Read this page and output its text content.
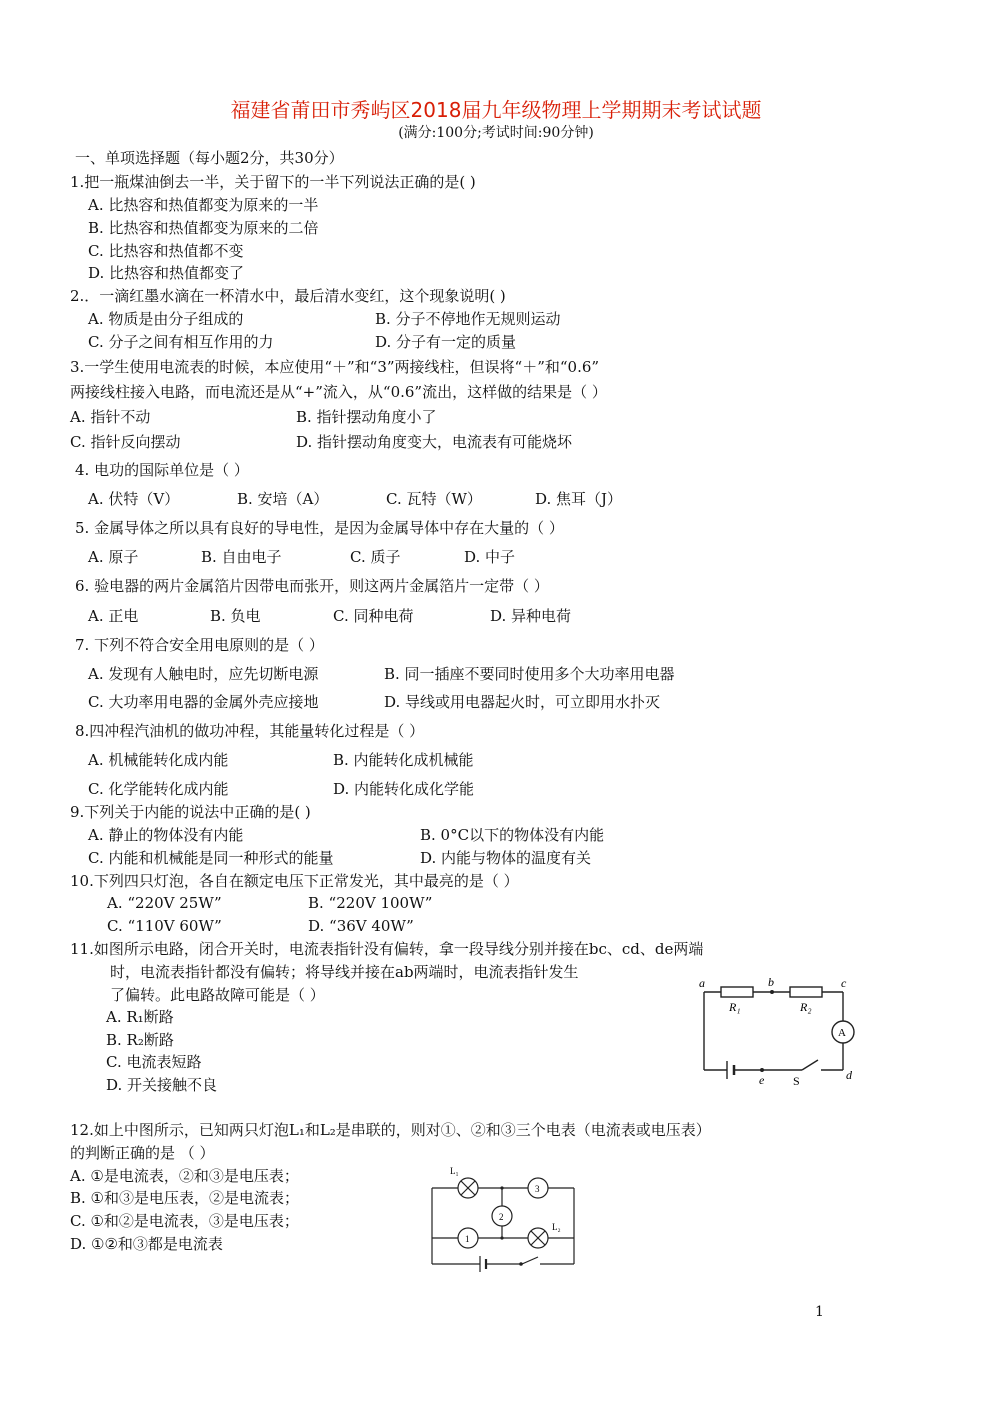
福建省莆田市秀屿区2018届九年级物理上学期期末考试试题
(满分:100分;考试时间:90分钟)
一、单项选择题（每小题2分，共30分）
1.把一瓶煤油倒去一半，关于留下的一半下列说法正确的是( )
A. 比热容和热值都变为原来的一半
B. 比热容和热值都变为原来的二倍
C. 比热容和热值都不变
D. 比热容和热值都变了
2.．一滴红墨水滴在一杯清水中，最后清水变红，这个现象说明( )
A. 物质是由分子组成的	B. 分子不停地作无规则运动
C. 分子之间有相互作用的力	D. 分子有一定的质量
3.一学生使用电流表的时候，本应使用“＋”和“3”两接线柱，但误将“＋”和“0.6”
两接线柱接入电路，而电流还是从“+”流入，从“0.6”流出，这样做的结果是（ ）
A. 指针不动	B. 指针摆动角度小了
C. 指针反向摆动	D. 指针摆动角度变大，电流表有可能烧坏
4. 电功的国际单位是（ ）
A. 伏特（V）	B. 安培（A）	C. 瓦特（W）	D. 焦耳（J）
5. 金属导体之所以具有良好的导电性，是因为金属导体中存在大量的（ ）
A. 原子	B. 自由电子	C. 质子	D. 中子
6. 验电器的两片金属箔片因带电而张开，则这两片金属箔片一定带（ ）
A. 正电	B. 负电	C. 同种电荷	D. 异种电荷
7. 下列不符合安全用电原则的是（ ）
A. 发现有人触电时，应先切断电源	B. 同一插座不要同时使用多个大功率用电器
C. 大功率用电器的金属外壳应接地	D. 导线或用电器起火时，可立即用水扑灭
8.四冲程汽油机的做功冲程，其能量转化过程是（ ）
A. 机械能转化成内能	B. 内能转化成机械能
C. 化学能转化成内能	D. 内能转化成化学能
9.下列关于内能的说法中正确的是( )
A. 静止的物体没有内能	B. 0°C以下的物体没有内能
C. 内能和机械能是同一种形式的能量	D. 内能与物体的温度有关
10.下列四只灯泡，各自在额定电压下正常发光，其中最亮的是（ ）
A. “220V 25W”	B. “220V 100W”
C. “110V 60W”	D. “36V 40W”
11.如图所示电路，闭合开关时，电流表指针没有偏转，拿一段导线分别并接在bc、cd、de两端
时，电流表指针都没有偏转；将导线并接在ab两端时，电流表指针发生
了偏转。此电路故障可能是（ ）
A. R₁断路
B. R₂断路
C. 电流表短路
D. 开关接触不良
a	b	c
d
e
R₁	R₂
A
S
12.如上中图所示，已知两只灯泡L₁和L₂是串联的，则对①、②和③三个电表（电流表或电压表）
的判断正确的是 （ ）
A. ①是电流表，②和③是电压表；
B. ①和③是电压表，②是电流表；
C. ①和②是电流表，③是电压表；
D. ①②和③都是电流表
L₁
L₂
3
2
1
1
